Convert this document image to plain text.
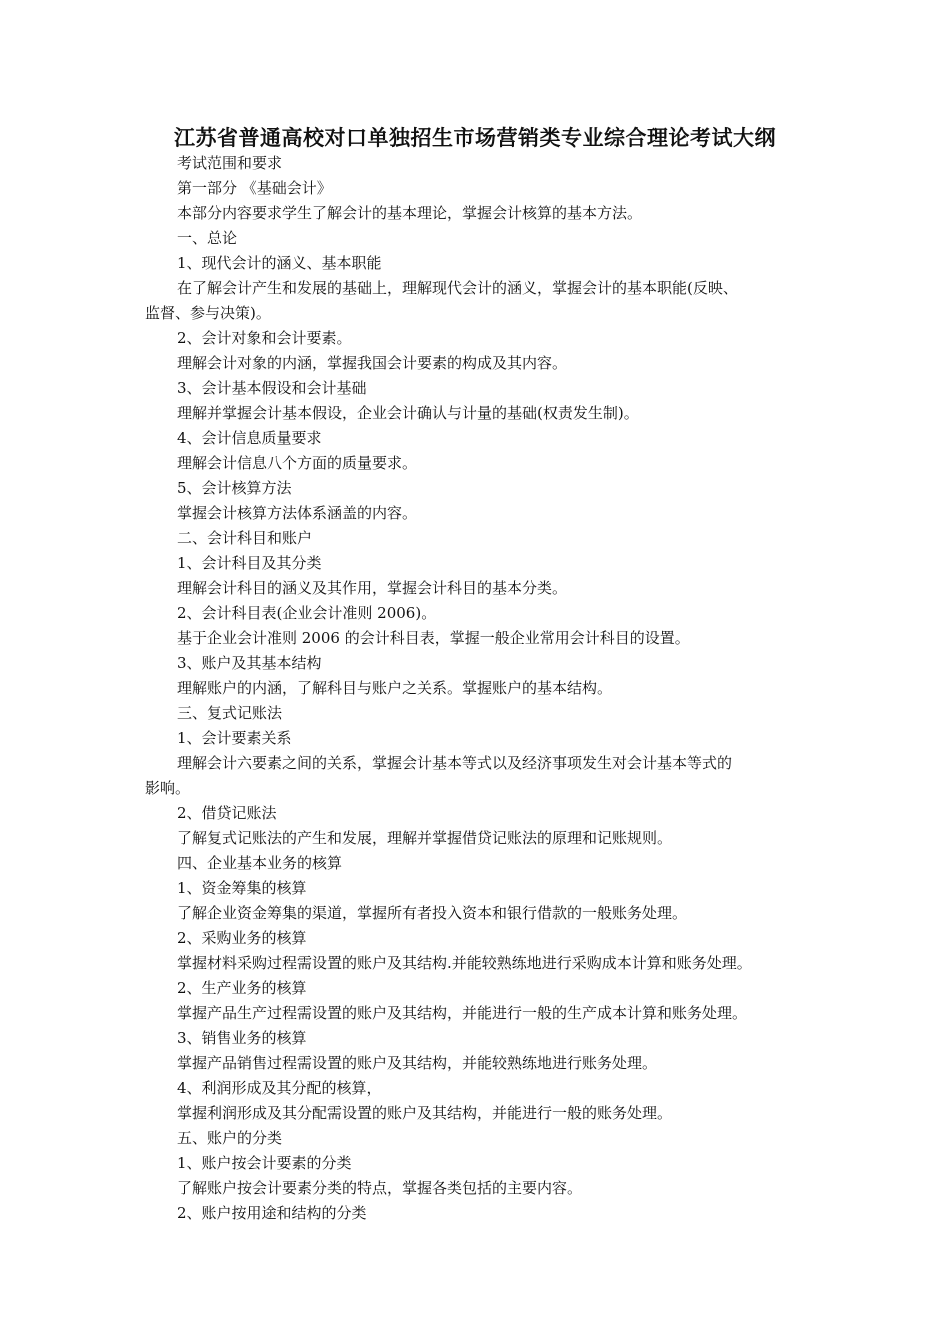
江苏省普通高校对口单独招生市场营销类专业综合理论考试大纲

考试范围和要求

第一部分 《基础会计》

本部分内容要求学生了解会计的基本理论，掌握会计核算的基本方法。

一、总论

1、现代会计的涵义、基本职能

在了解会计产生和发展的基础上，理解现代会计的涵义，掌握会计的基本职能(反映、

监督、参与决策)。

2、会计对象和会计要素。

理解会计对象的内涵，掌握我国会计要素的构成及其内容。

3、会计基本假设和会计基础

理解并掌握会计基本假设，企业会计确认与计量的基础(权责发生制)。

4、会计信息质量要求

理解会计信息八个方面的质量要求。

5、会计核算方法

掌握会计核算方法体系涵盖的内容。

二、会计科目和账户

1、会计科目及其分类

理解会计科目的涵义及其作用，掌握会计科目的基本分类。

2、会计科目表(企业会计准则 2006)。

基于企业会计准则 2006 的会计科目表，掌握一般企业常用会计科目的设置。

3、账户及其基本结构

理解账户的内涵，了解科目与账户之关系。掌握账户的基本结构。

三、复式记账法

1、会计要素关系

理解会计六要素之间的关系，掌握会计基本等式以及经济事项发生对会计基本等式的

影响。

2、借贷记账法

了解复式记账法的产生和发展，理解并掌握借贷记账法的原理和记账规则。

四、企业基本业务的核算

1、资金筹集的核算

了解企业资金筹集的渠道，掌握所有者投入资本和银行借款的一般账务处理。

2、采购业务的核算

掌握材料采购过程需设置的账户及其结构.并能较熟练地进行采购成本计算和账务处理。

2、生产业务的核算

掌握产品生产过程需设置的账户及其结构，并能进行一般的生产成本计算和账务处理。

3、销售业务的核算

掌握产品销售过程需设置的账户及其结构，并能较熟练地进行账务处理。

4、利润形成及其分配的核算，

掌握利润形成及其分配需设置的账户及其结构，并能进行一般的账务处理。

五、账户的分类

1、账户按会计要素的分类

了解账户按会计要素分类的特点，掌握各类包括的主要内容。

2、账户按用途和结构的分类
